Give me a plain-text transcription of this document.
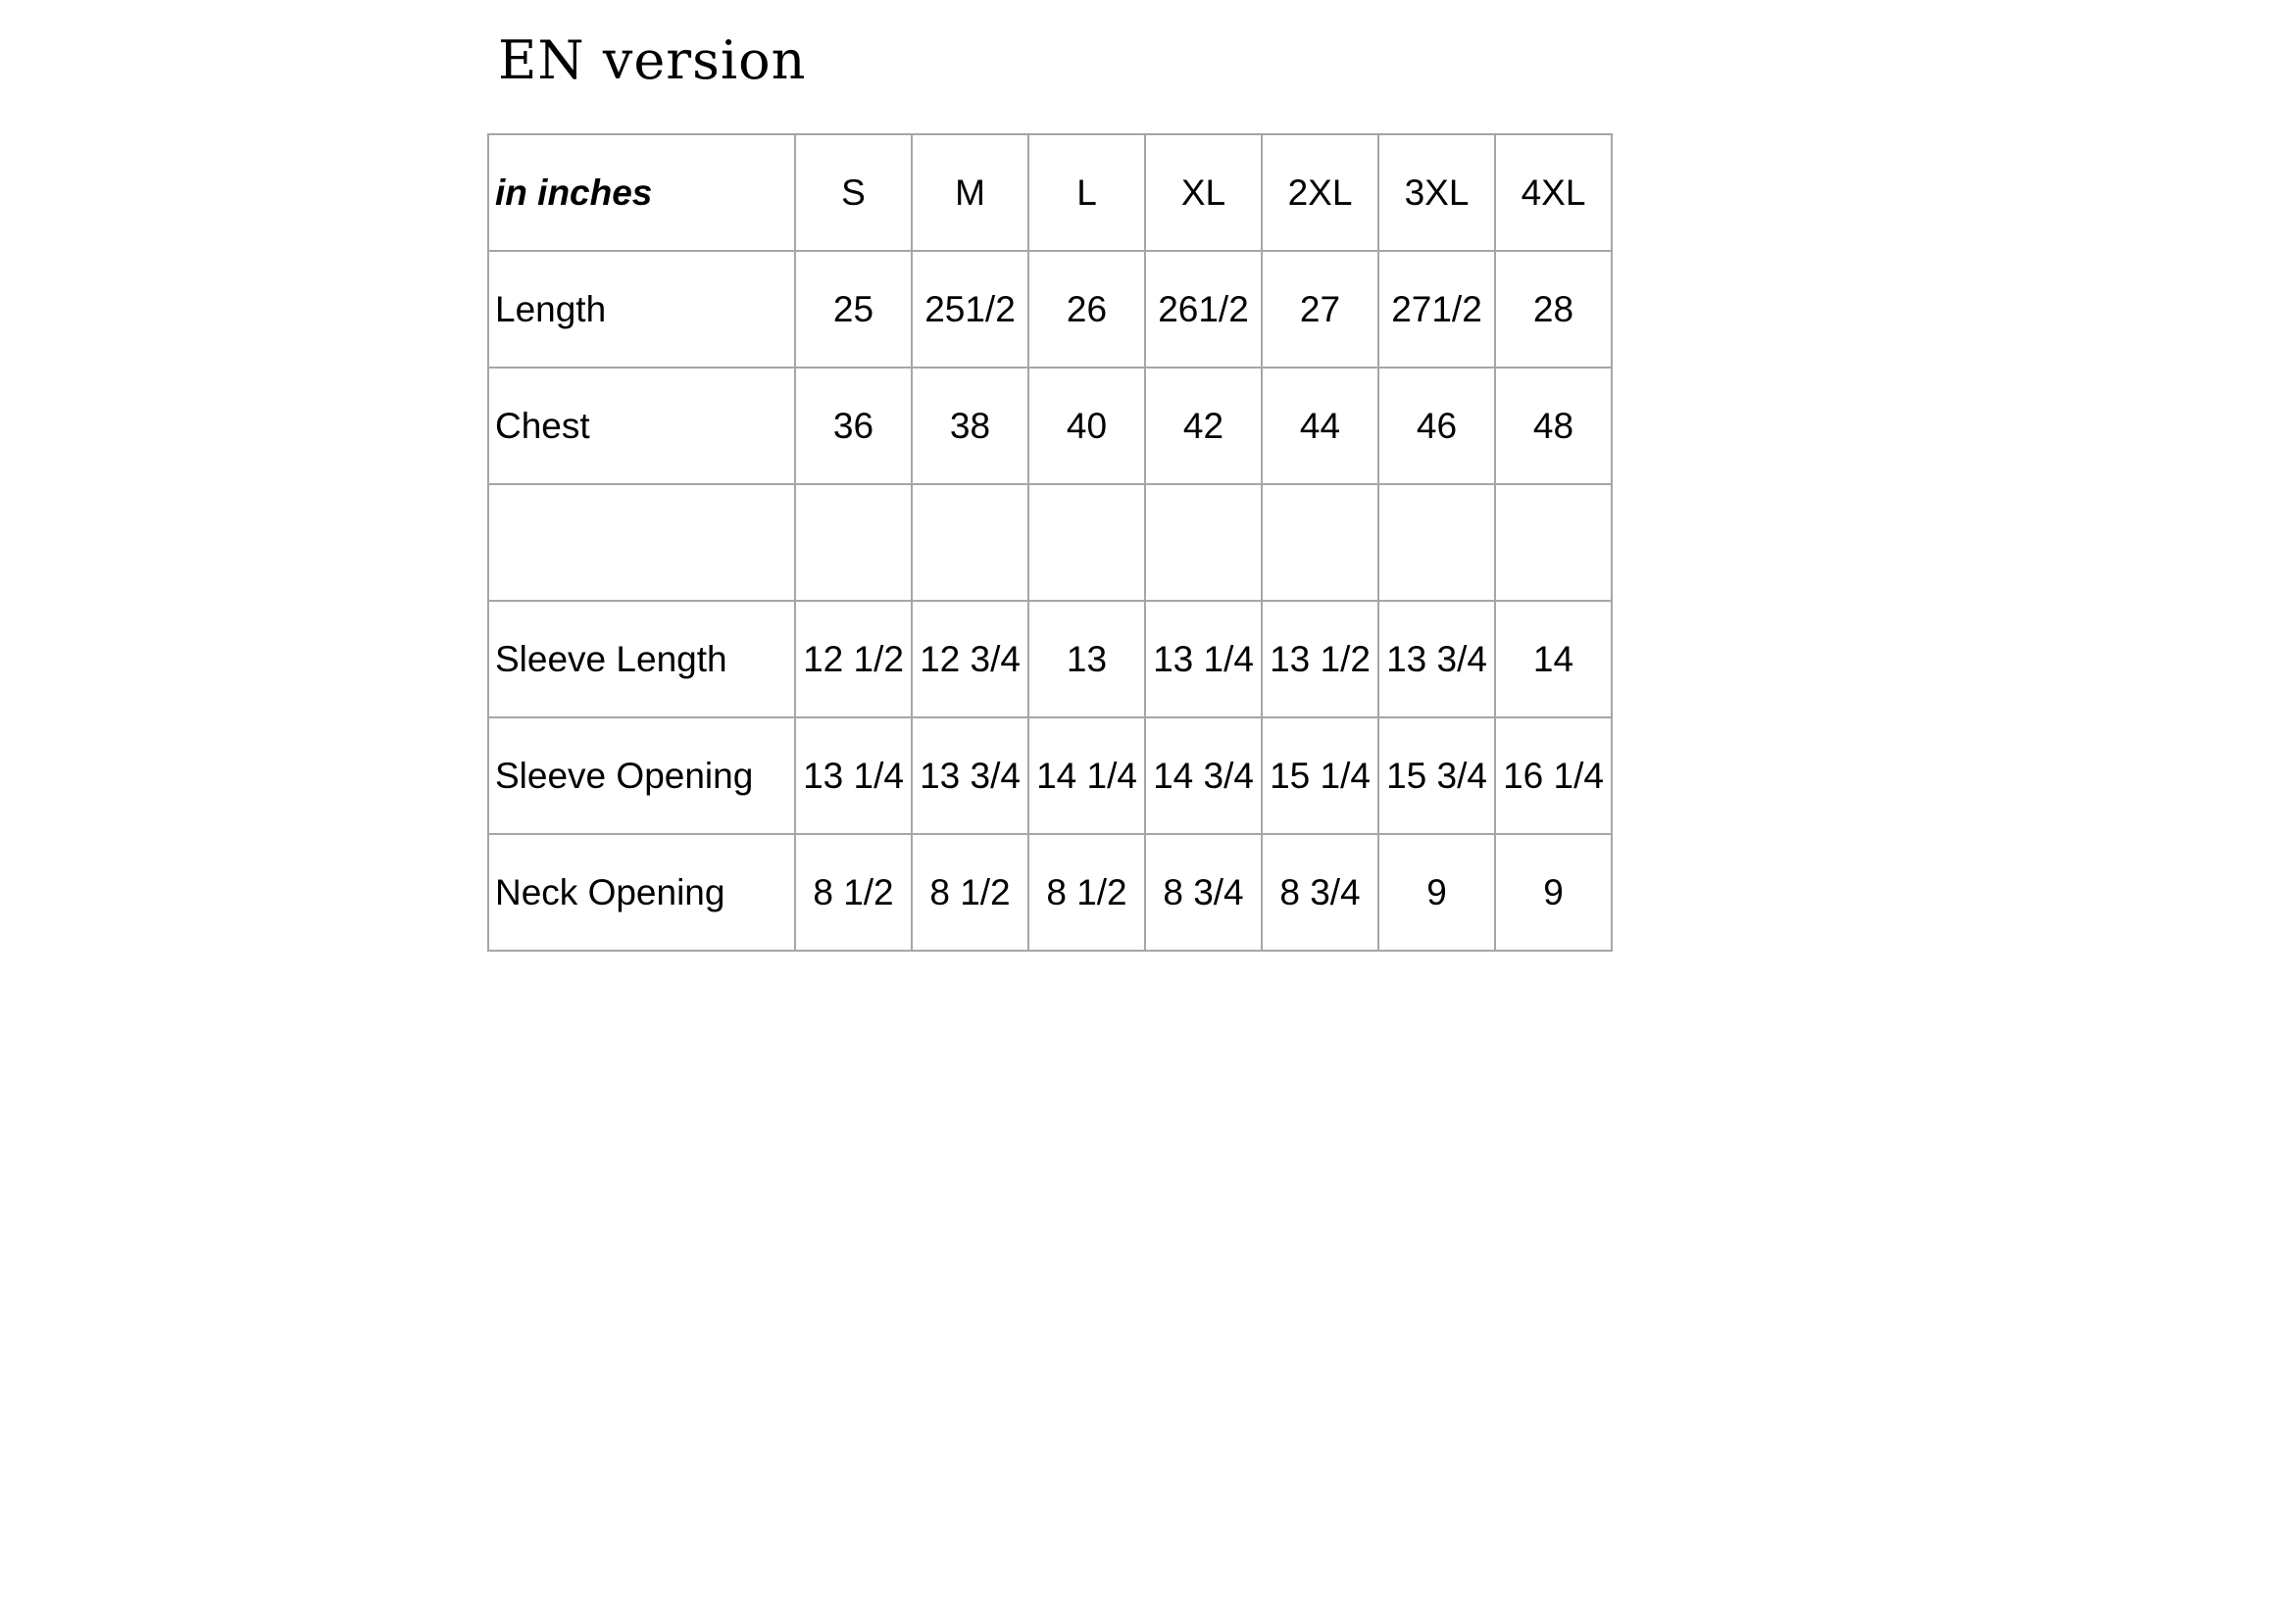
EN version
in inches	S	M	L	XL	2XL	3XL	4XL
Length	25	251/2	26	261/2	27	271/2	28
Chest	36	38	40	42	44	46	48

Sleeve Length	12 1/2	12 3/4	13	13 1/4	13 1/2	13 3/4	14
Sleeve Opening	13 1/4	13 3/4	14 1/4	14 3/4	15 1/4	15 3/4	16 1/4
Neck Opening	8 1/2	8 1/2	8 1/2	8 3/4	8 3/4	9	9
